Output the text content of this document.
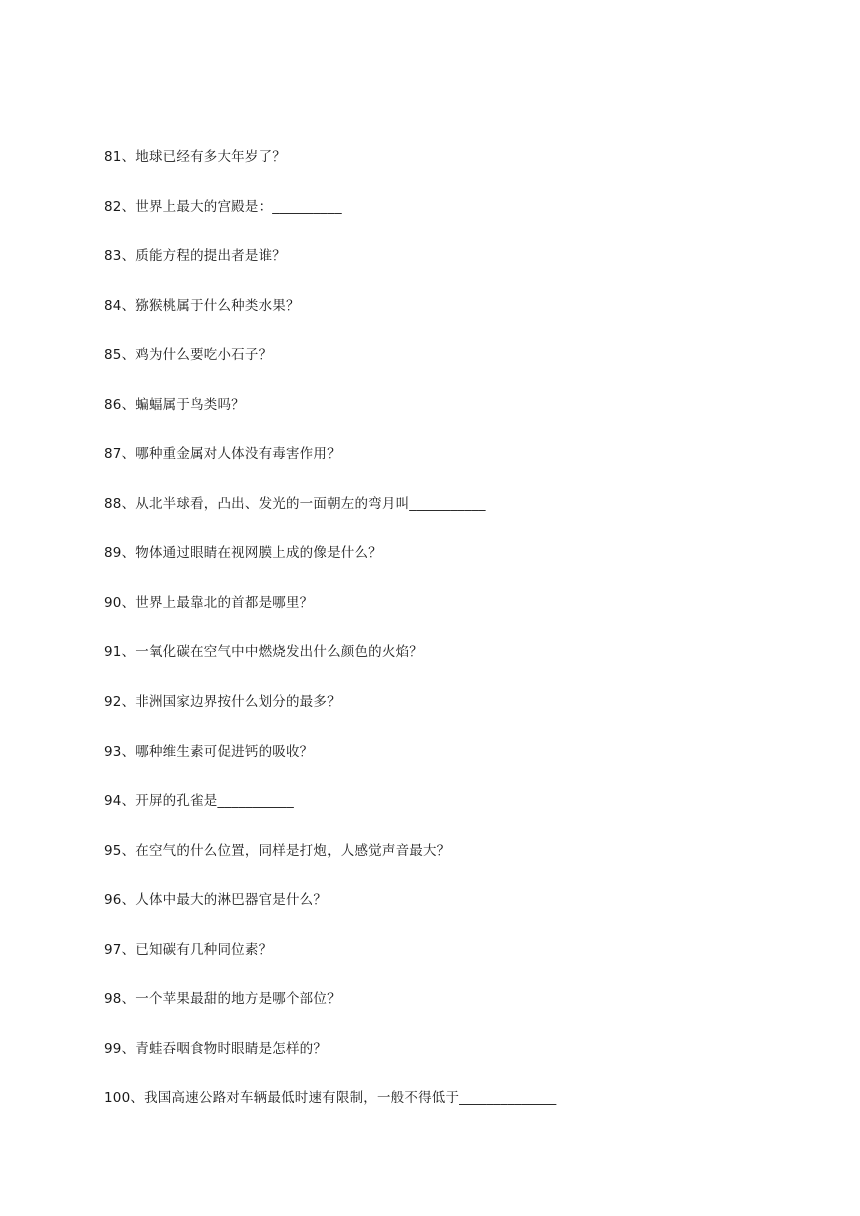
81、地球已经有多大年岁了？
82、世界上最大的宫殿是：__________
83、质能方程的提出者是谁？
84、猕猴桃属于什么种类水果？
85、鸡为什么要吃小石子？
86、蝙蝠属于鸟类吗？
87、哪种重金属对人体没有毒害作用？
88、从北半球看，凸出、发光的一面朝左的弯月叫___________
89、物体通过眼睛在视网膜上成的像是什么？
90、世界上最靠北的首都是哪里？
91、一氧化碳在空气中中燃烧发出什么颜色的火焰？
92、非洲国家边界按什么划分的最多？
93、哪种维生素可促进钙的吸收？
94、开屏的孔雀是___________
95、在空气的什么位置，同样是打炮，人感觉声音最大？
96、人体中最大的淋巴器官是什么？
97、已知碳有几种同位素？
98、一个苹果最甜的地方是哪个部位？
99、青蛙吞咽食物时眼睛是怎样的？
100、我国高速公路对车辆最低时速有限制，一般不得低于______________
